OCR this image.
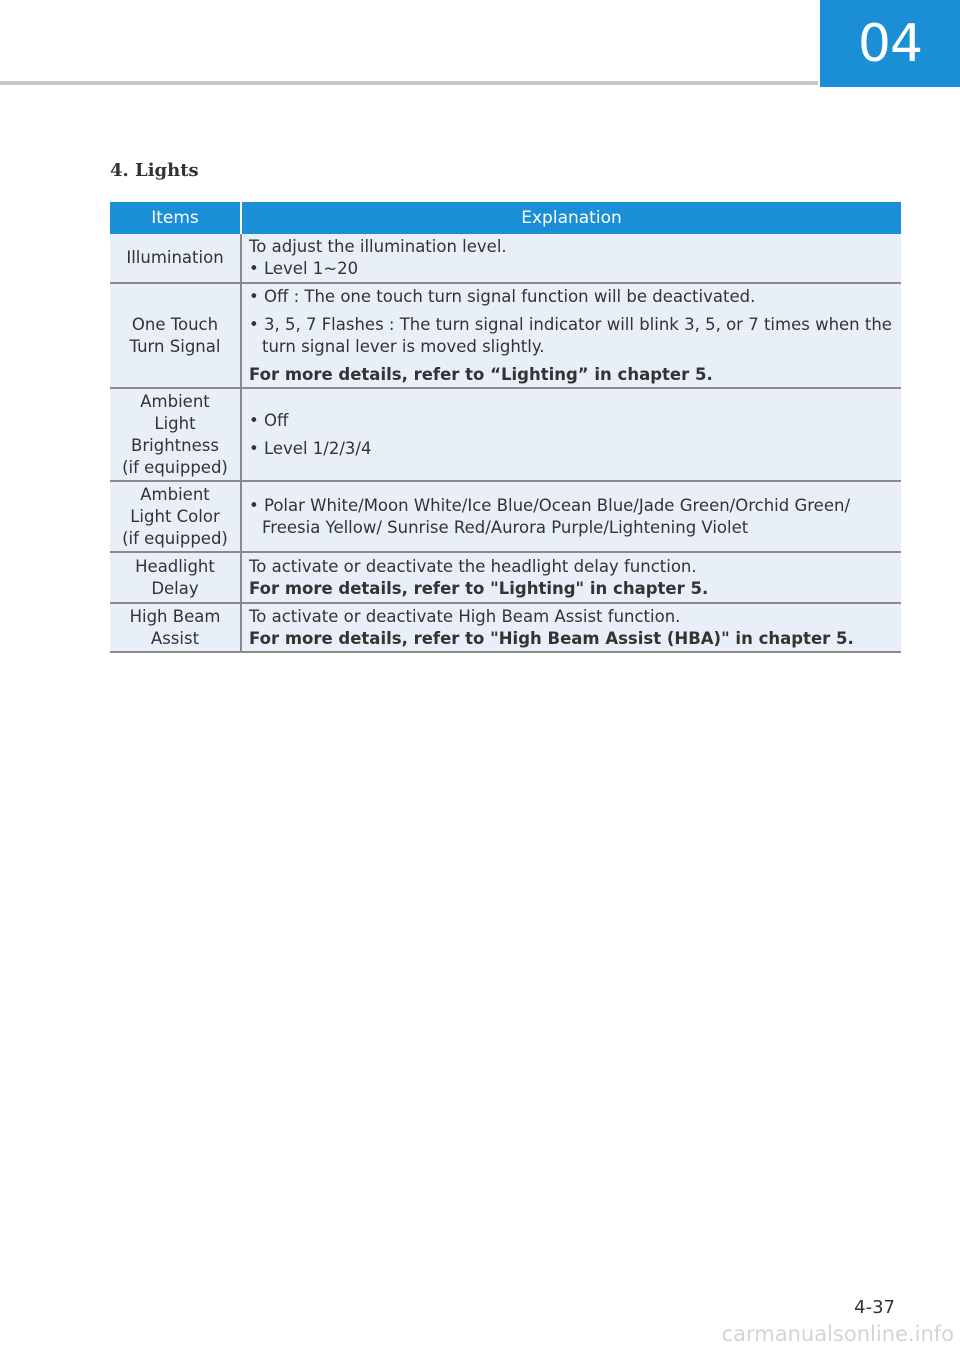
04
4. Lights
Items	Explanation

Illumination	To adjust the illumination level.
• Level 1~20

One Touch
Turn Signal	• Off : The one touch turn signal function will be deactivated.
• 3, 5, 7 Flashes : The turn signal indicator will blink 3, 5, or 7 times when the turn signal lever is moved slightly.
For more details, refer to “Lighting” in chapter 5.

Ambient
Light
Brightness
(if equipped)	• Off
• Level 1/2/3/4

Ambient
Light Color
(if equipped)	• Polar White/Moon White/Ice Blue/Ocean Blue/Jade Green/Orchid Green/ Freesia Yellow/ Sunrise Red/Aurora Purple/Lightening Violet

Headlight
Delay	To activate or deactivate the headlight delay function.
For more details, refer to "Lighting" in chapter 5.

High Beam
Assist	To activate or deactivate High Beam Assist function.
For more details, refer to "High Beam Assist (HBA)" in chapter 5.
4-37
carmanualsonline.info
